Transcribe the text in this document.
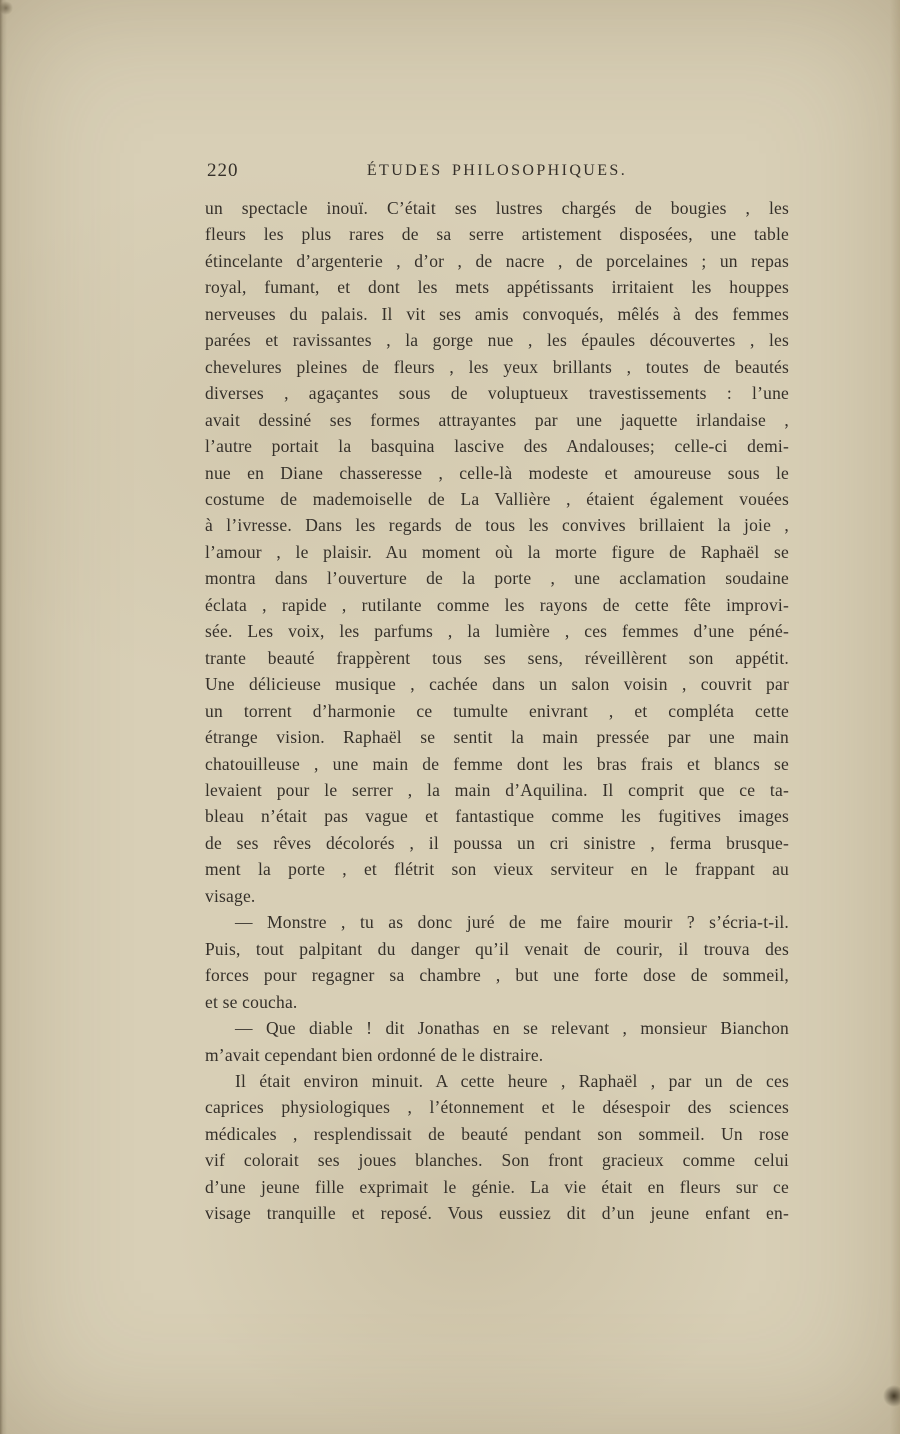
220	ÉTUDES PHILOSOPHIQUES.
un spectacle inouï. C’était ses lustres chargés de bougies , les
fleurs les plus rares de sa serre artistement disposées, une table
étincelante d’argenterie , d’or , de nacre , de porcelaines ; un repas
royal, fumant, et dont les mets appétissants irritaient les houppes
nerveuses du palais. Il vit ses amis convoqués, mêlés à des femmes
parées et ravissantes , la gorge nue , les épaules découvertes , les
chevelures pleines de fleurs , les yeux brillants , toutes de beautés
diverses , agaçantes sous de voluptueux travestissements : l’une
avait dessiné ses formes attrayantes par une jaquette irlandaise ,
l’autre portait la basquina lascive des Andalouses; celle-ci demi-
nue en Diane chasseresse , celle-là modeste et amoureuse sous le
costume de mademoiselle de La Vallière , étaient également vouées
à l’ivresse. Dans les regards de tous les convives brillaient la joie ,
l’amour , le plaisir. Au moment où la morte figure de Raphaël se
montra dans l’ouverture de la porte , une acclamation soudaine
éclata , rapide , rutilante comme les rayons de cette fête improvi-
sée. Les voix, les parfums , la lumière , ces femmes d’une péné-
trante beauté frappèrent tous ses sens, réveillèrent son appétit.
Une délicieuse musique , cachée dans un salon voisin , couvrit par
un torrent d’harmonie ce tumulte enivrant , et compléta cette
étrange vision. Raphaël se sentit la main pressée par une main
chatouilleuse , une main de femme dont les bras frais et blancs se
levaient pour le serrer , la main d’Aquilina. Il comprit que ce ta-
bleau n’était pas vague et fantastique comme les fugitives images
de ses rêves décolorés , il poussa un cri sinistre , ferma brusque-
ment la porte , et flétrit son vieux serviteur en le frappant au
visage.
— Monstre , tu as donc juré de me faire mourir ? s’écria-t-il.
Puis, tout palpitant du danger qu’il venait de courir, il trouva des
forces pour regagner sa chambre , but une forte dose de sommeil,
et se coucha.
— Que diable ! dit Jonathas en se relevant , monsieur Bianchon
m’avait cependant bien ordonné de le distraire.
Il était environ minuit. A cette heure , Raphaël , par un de ces
caprices physiologiques , l’étonnement et le désespoir des sciences
médicales , resplendissait de beauté pendant son sommeil. Un rose
vif colorait ses joues blanches. Son front gracieux comme celui
d’une jeune fille exprimait le génie. La vie était en fleurs sur ce
visage tranquille et reposé. Vous eussiez dit d’un jeune enfant en-
